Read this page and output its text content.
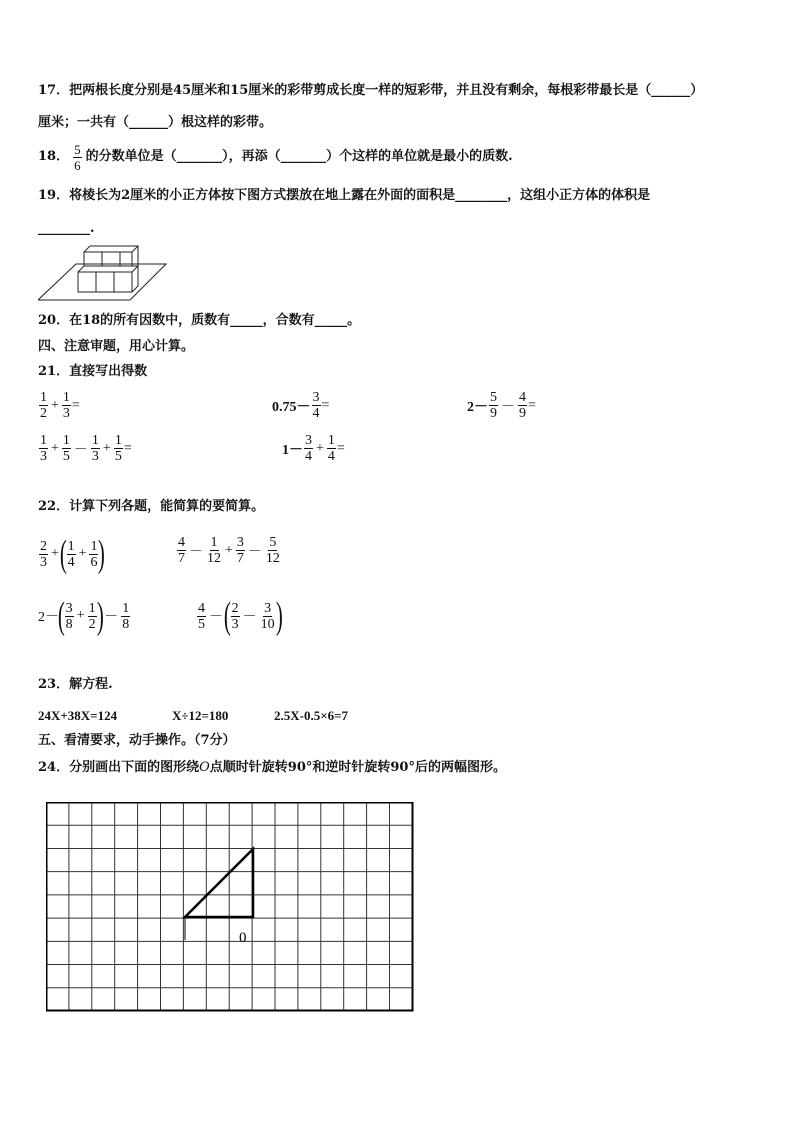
17．把两根长度分别是45厘米和15厘米的彩带剪成长度一样的短彩带，并且没有剩余，每根彩带最长是（______）
厘米；一共有（______）根这样的彩带。
18． $\frac{5}{6}$ 的分数单位是（_______），再添（_______）个这样的单位就是最小的质数.
19．将棱长为2厘米的小正方体按下图方式摆放在地上露在外面的面积是________，这组小正方体的体积是
________.
20．在18的所有因数中，质数有_____，合数有_____。
四、注意审题，用心计算。
21．直接写出得数
$\frac{1}{2} + \frac{1}{3}$ =	$0.75- \frac{3}{4}$ =	$2- \frac{5}{9} - \frac{4}{9}$ =
$\frac{1}{3} + \frac{1}{5} - \frac{1}{3} + \frac{1}{5}$ =	$1- \frac{3}{4} + \frac{1}{4}$ =
22．计算下列各题，能简算的要简算。
$\frac{2}{3}$ + ( $\frac{1}{4} + \frac{1}{6}$ )	$\frac{4}{7} - \frac{1}{12} + \frac{3}{7} - \frac{5}{12}$
2－
( $\frac{3}{8} + \frac{1}{2}$ ) － $\frac{1}{8}$	$\frac{4}{5}$ － ( $\frac{2}{3} - \frac{3}{10}$ )
23．解方程.
24X+38X=124	X÷12=180	2.5X-0.5×6=7
五、看清要求，动手操作。（7分）
24．分别画出下面的图形绕O点顺时针旋转90°和逆时针旋转90°后的两幅图形。
0
